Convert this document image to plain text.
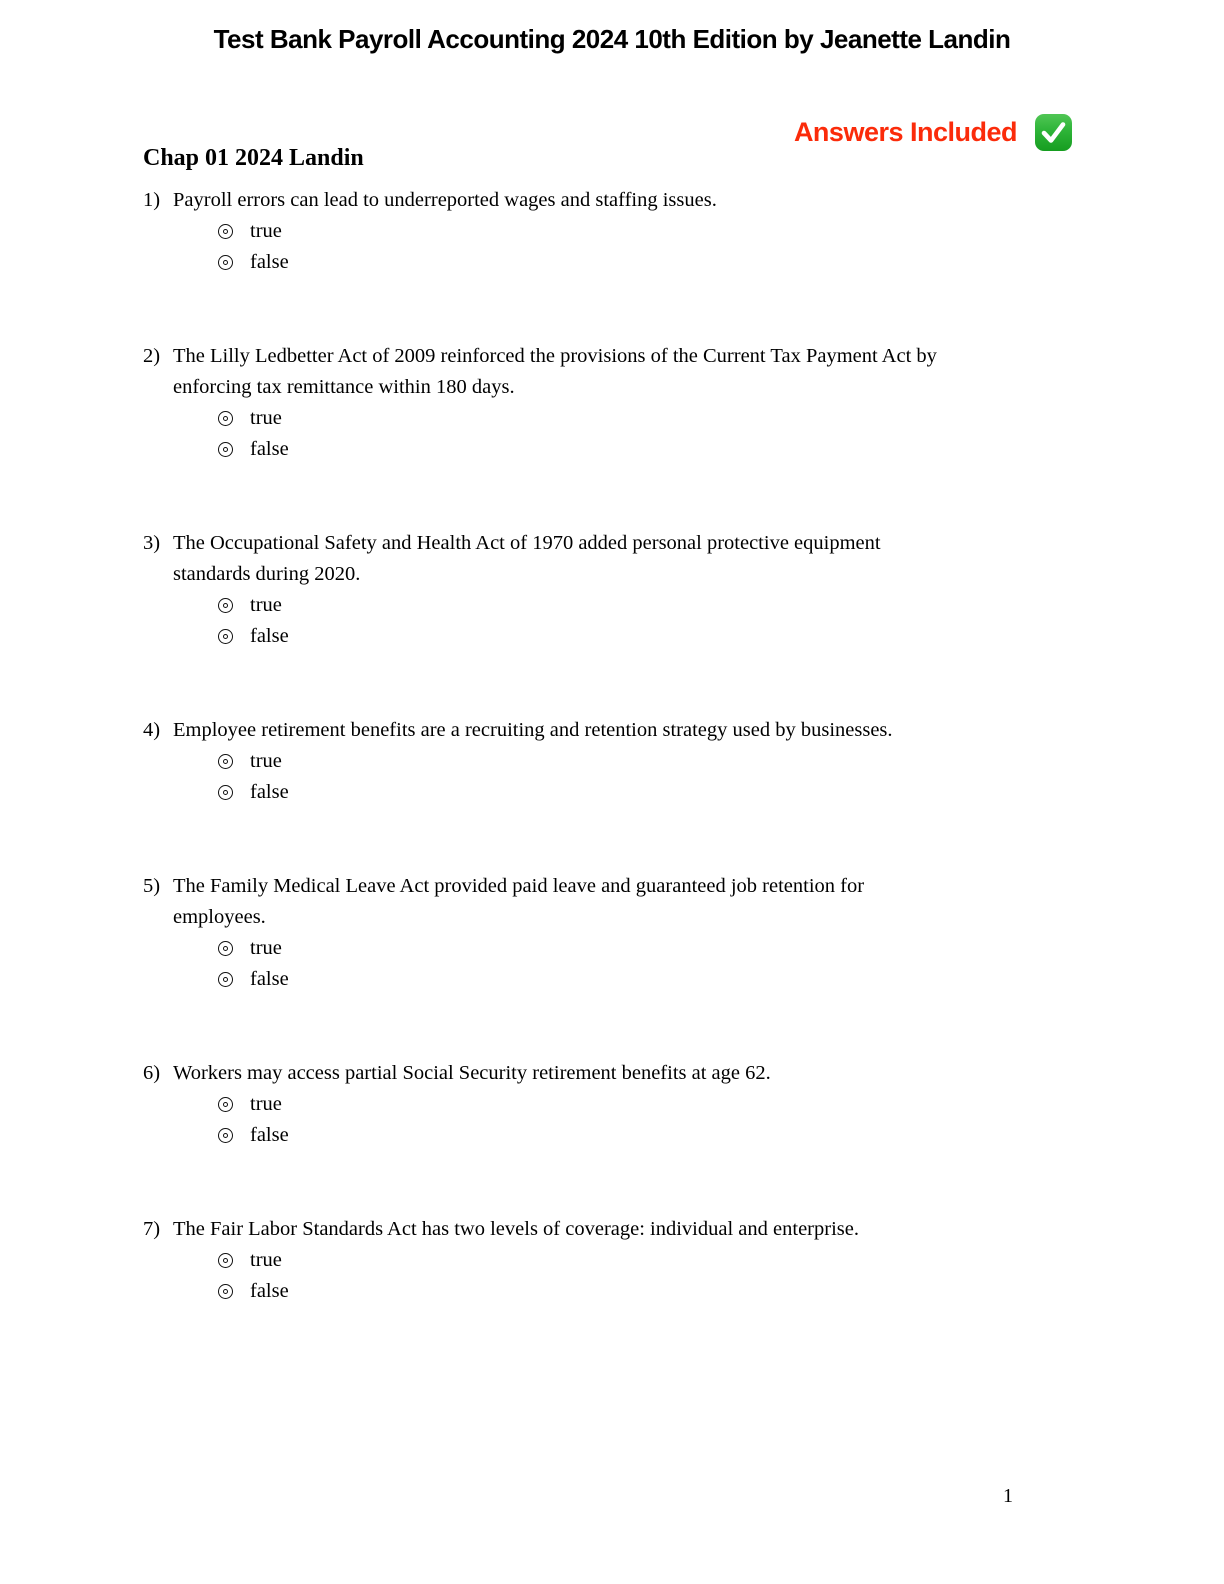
Test Bank Payroll Accounting 2024 10th Edition by Jeanette Landin
Answers Included
Chap 01 2024 Landin
1) Payroll errors can lead to underreported wages and staffing issues.
true
false
2) The Lilly Ledbetter Act of 2009 reinforced the provisions of the Current Tax Payment Act by
enforcing tax remittance within 180 days.
true
false
3) The Occupational Safety and Health Act of 1970 added personal protective equipment
standards during 2020.
true
false
4) Employee retirement benefits are a recruiting and retention strategy used by businesses.
true
false
5) The Family Medical Leave Act provided paid leave and guaranteed job retention for
employees.
true
false
6) Workers may access partial Social Security retirement benefits at age 62.
true
false
7) The Fair Labor Standards Act has two levels of coverage: individual and enterprise.
true
false
1
